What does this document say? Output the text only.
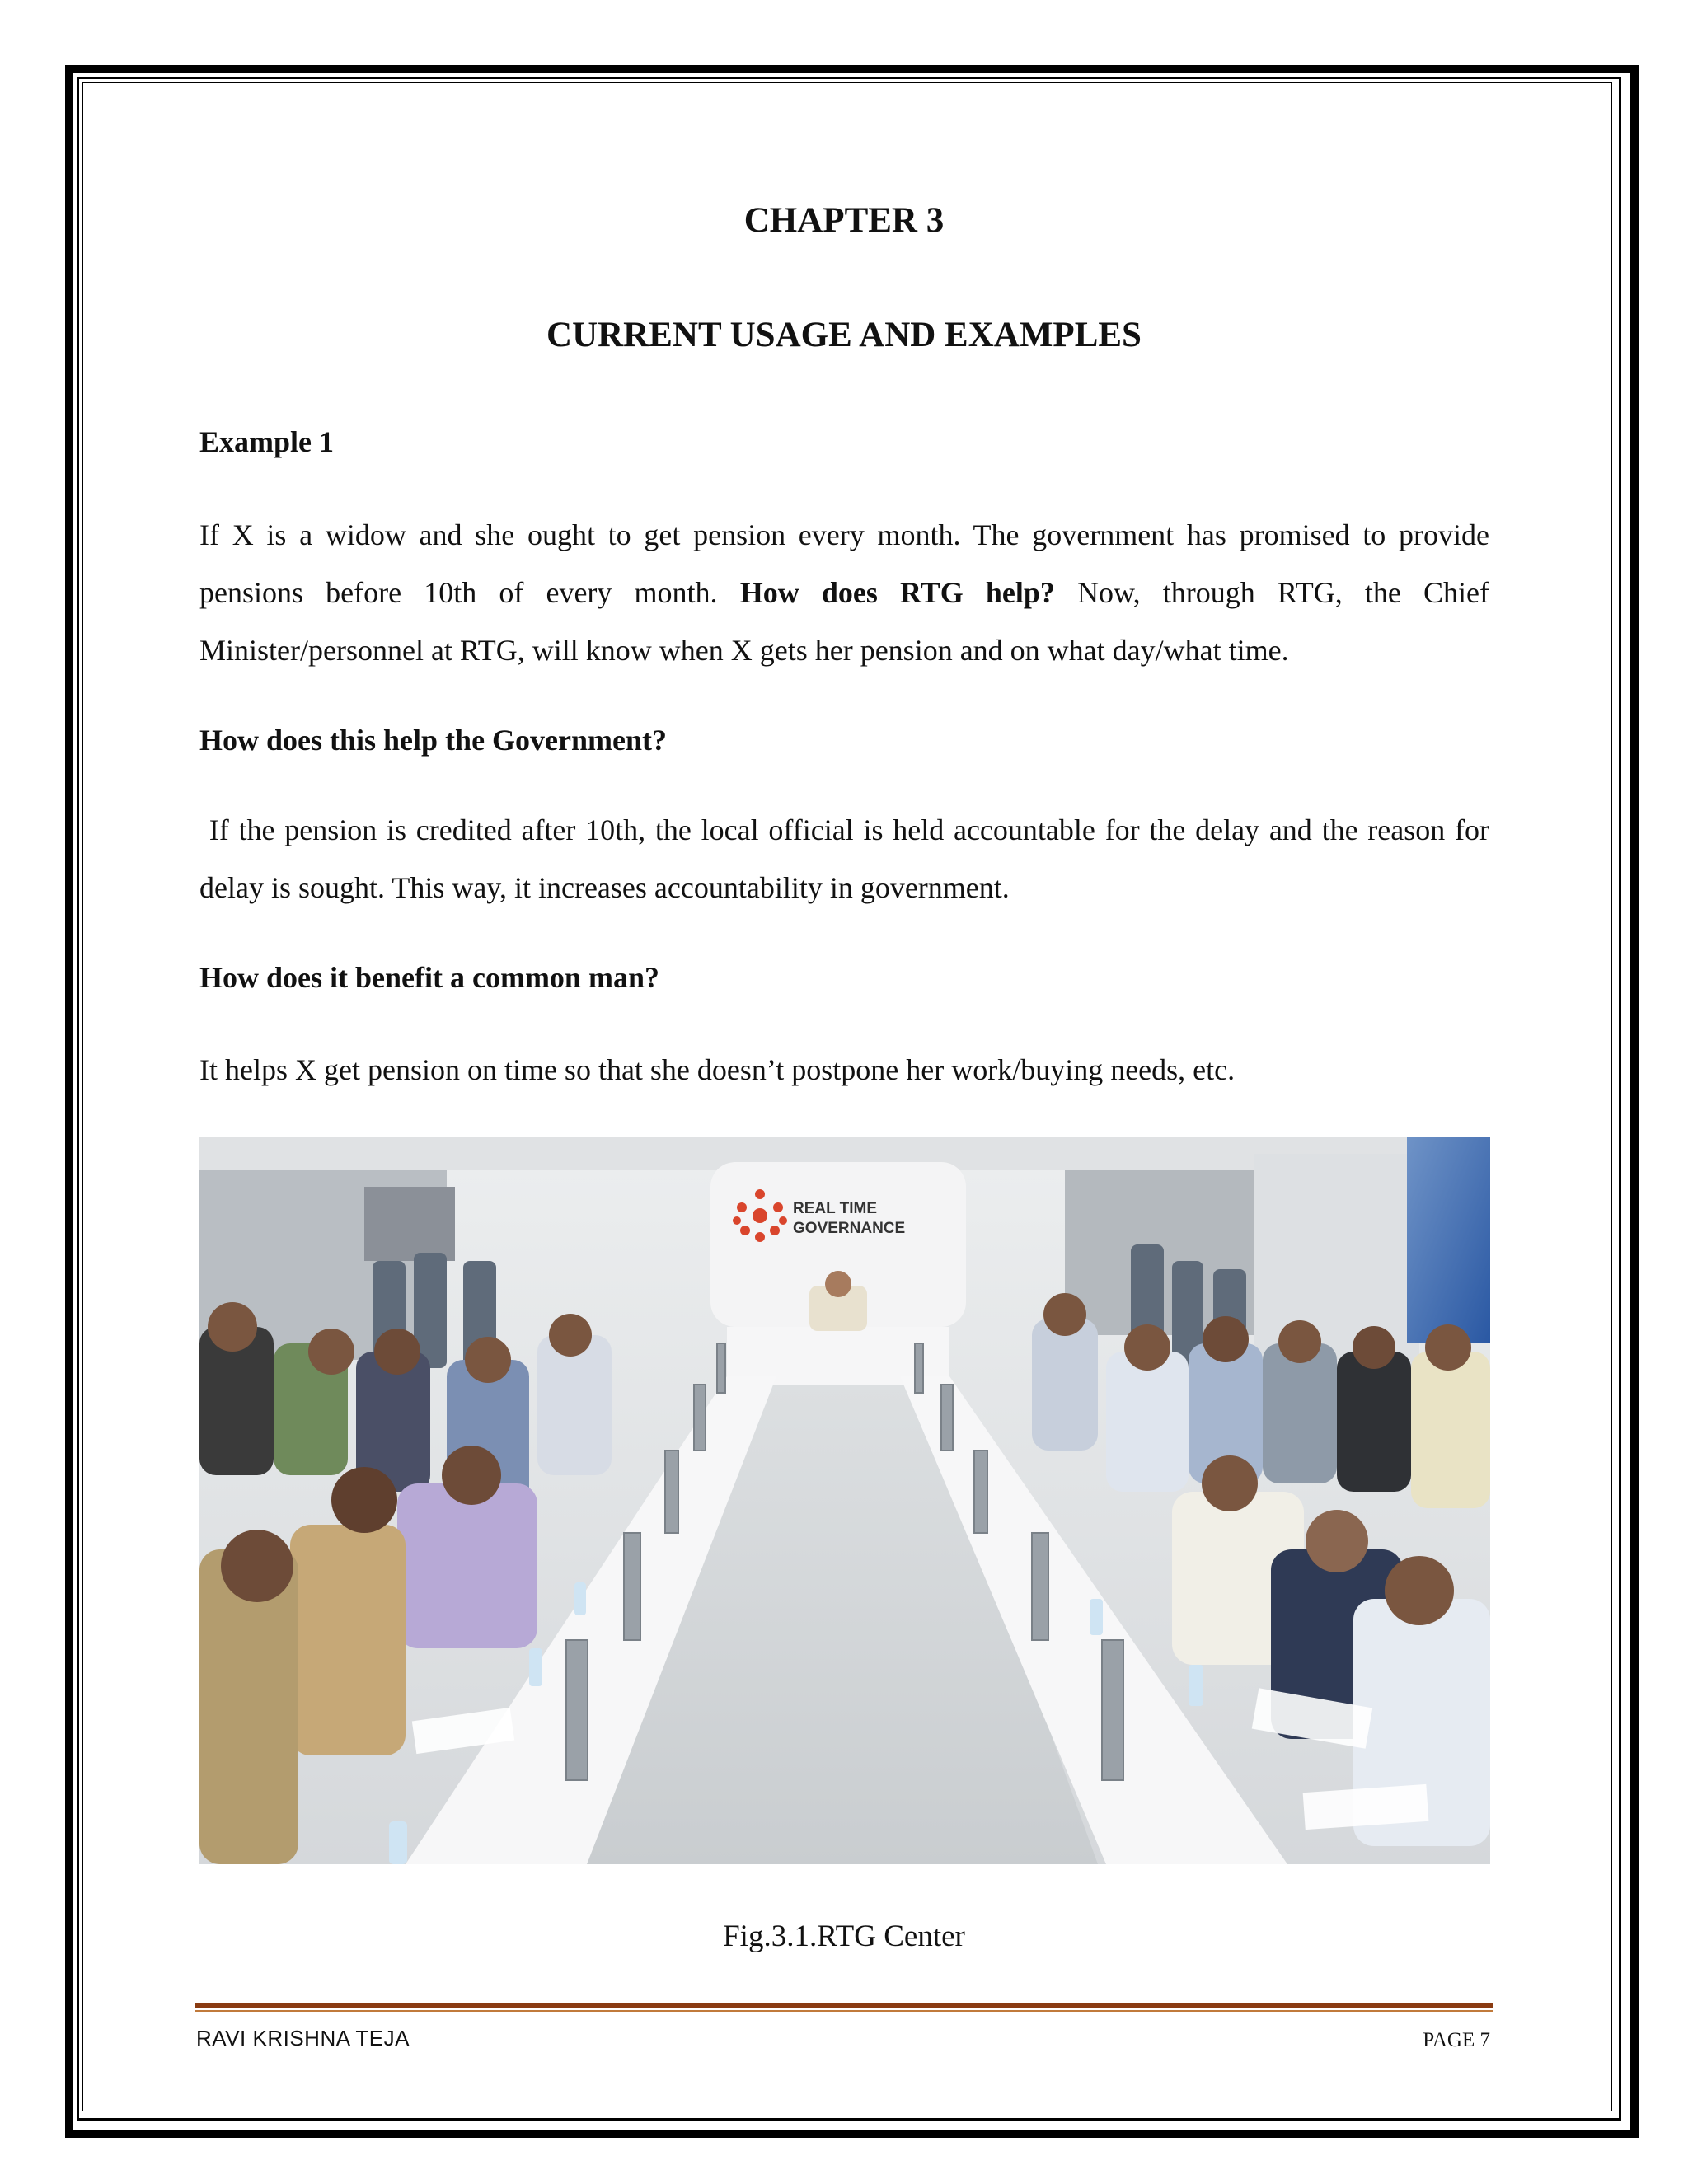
CHAPTER 3
CURRENT USAGE AND EXAMPLES

Example 1

If X is a widow and she ought to get pension every month. The government has promised to provide pensions before 10th of every month. How does RTG help? Now, through RTG, the Chief Minister/personnel at RTG, will know when X gets her pension and on what day/what time.

How does this help the Government?

If the pension is credited after 10th, the local official is held accountable for the delay and the reason for delay is sought. This way, it increases accountability in government.

How does it benefit a common man?

It helps X get pension on time so that she doesn’t postpone her work/buying needs, etc.

REAL TIME
GOVERNANCE
Fig.3.1.RTG Center
RAVI KRISHNA TEJA	PAGE 7
